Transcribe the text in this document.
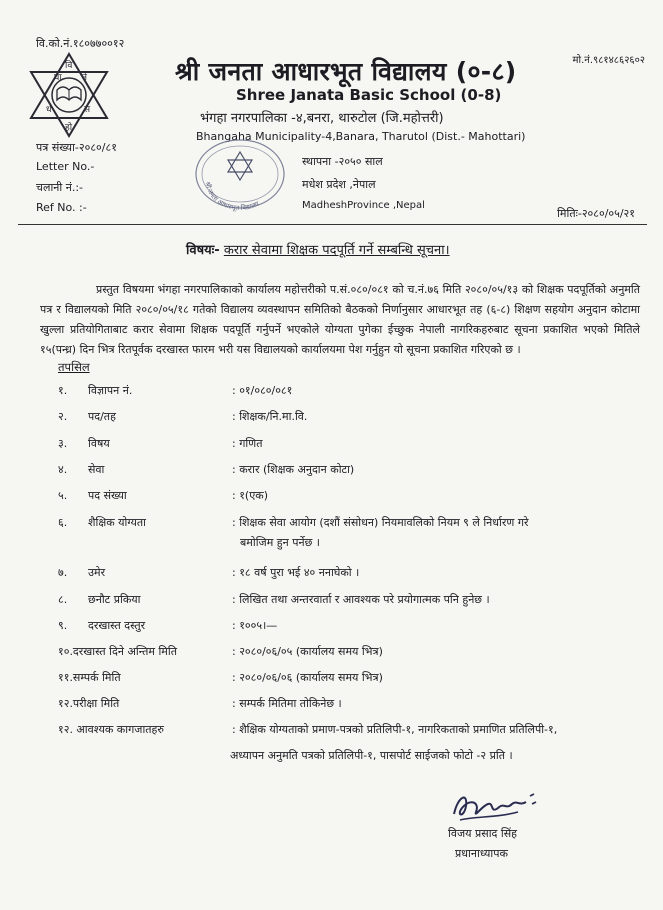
वि.को.नं.१८०७७००१२
मो.नं.९८१४८६२६०२
घा
वि
ध
ने
स
हो
श्री जनता आधारभूत विद्यालय (०-८)
Shree Janata Basic School (0-8)
भंगहा नगरपालिका -४,बनरा, थारुटोल (जि.महोत्तरी)
Bhangaha Municipality-4,Banara, Tharutol (Dist.- Mahottari)
पत्र संख्या-२०८०/८१
Letter No.-
चलानी नं.:-
Ref No. :-
श्री जनता आधारभूत विद्यालय
स्थापना -२०५० साल
मधेश प्रदेश ,नेपाल
MadheshProvince ,Nepal
मितिः-२०८०/०५/२१
विषयः- करार सेवामा शिक्षक पदपूर्ति गर्ने सम्बन्धि सूचना।
प्रस्तुत विषयमा भंगहा नगरपालिकाको कार्यालय महोत्तरीको प.सं.०८०/०८१ को च.नं.७६ मिति २०८०/०५/१३ को शिक्षक पदपूर्तिको अनुमति पत्र र विद्यालयको मिति २०८०/०५/१८ गतेको विद्यालय व्यवस्थापन समितिको बैठकको निर्णानुसार आधारभूत तह (६-८) शिक्षण सहयोग अनुदान कोटामा खुल्ला प्रतियोगिताबाट करार सेवामा शिक्षक पदपूर्ति गर्नुपर्ने भएकोले योग्यता पुगेका ईच्छुक नेपाली नागरिकहरुबाट सूचना प्रकाशित भएको मितिले १५(पन्ध्र) दिन भित्र रितपूर्वक दरखास्त फारम भरी यस विद्यालयको कार्यालयमा पेश गर्नुहुन यो सूचना प्रकाशित गरिएको छ ।
तपसिल
१. विज्ञापन नं.	: ०१/०८०/०८१
२. पद/तह	: शिक्षक/नि.मा.वि.
३. विषय	: गणित
४. सेवा	: करार (शिक्षक अनुदान कोटा)
५. पद संख्या	: १(एक)
६. शैक्षिक योग्यता	: शिक्षक सेवा आयोग (दशौं संसोधन) नियमावलिको नियम ९ ले निर्धारण गरे
बमोजिम हुन पर्नेछ ।
७. उमेर	: १८ वर्ष पुरा भई ४० ननाघेको ।
८. छनौट प्रकिया	: लिखित तथा अन्तरवार्ता र आवश्यक परे प्रयोगात्मक पनि हुनेछ ।
९. दरखास्त दस्तुर	: १००५।—
१०.दरखास्त दिने अन्तिम मिति	: २०८०/०६/०५ (कार्यालय समय भित्र)
११.सम्पर्क मिति	: २०८०/०६/०६ (कार्यालय समय भित्र)
१२.परीक्षा मिति	: सम्पर्क मितिमा तोकिनेछ ।
१२. आवश्यक कागजातहरु	: शैक्षिक योग्यताको प्रमाण-पत्रको प्रतिलिपी-१, नागरिकताको प्रमाणित प्रतिलिपी-१,
अध्यापन अनुमति पत्रको प्रतिलिपी-१, पासपोर्ट साईजको फोटो -२ प्रति ।
विजय प्रसाद सिंह
प्रधानाध्यापक
